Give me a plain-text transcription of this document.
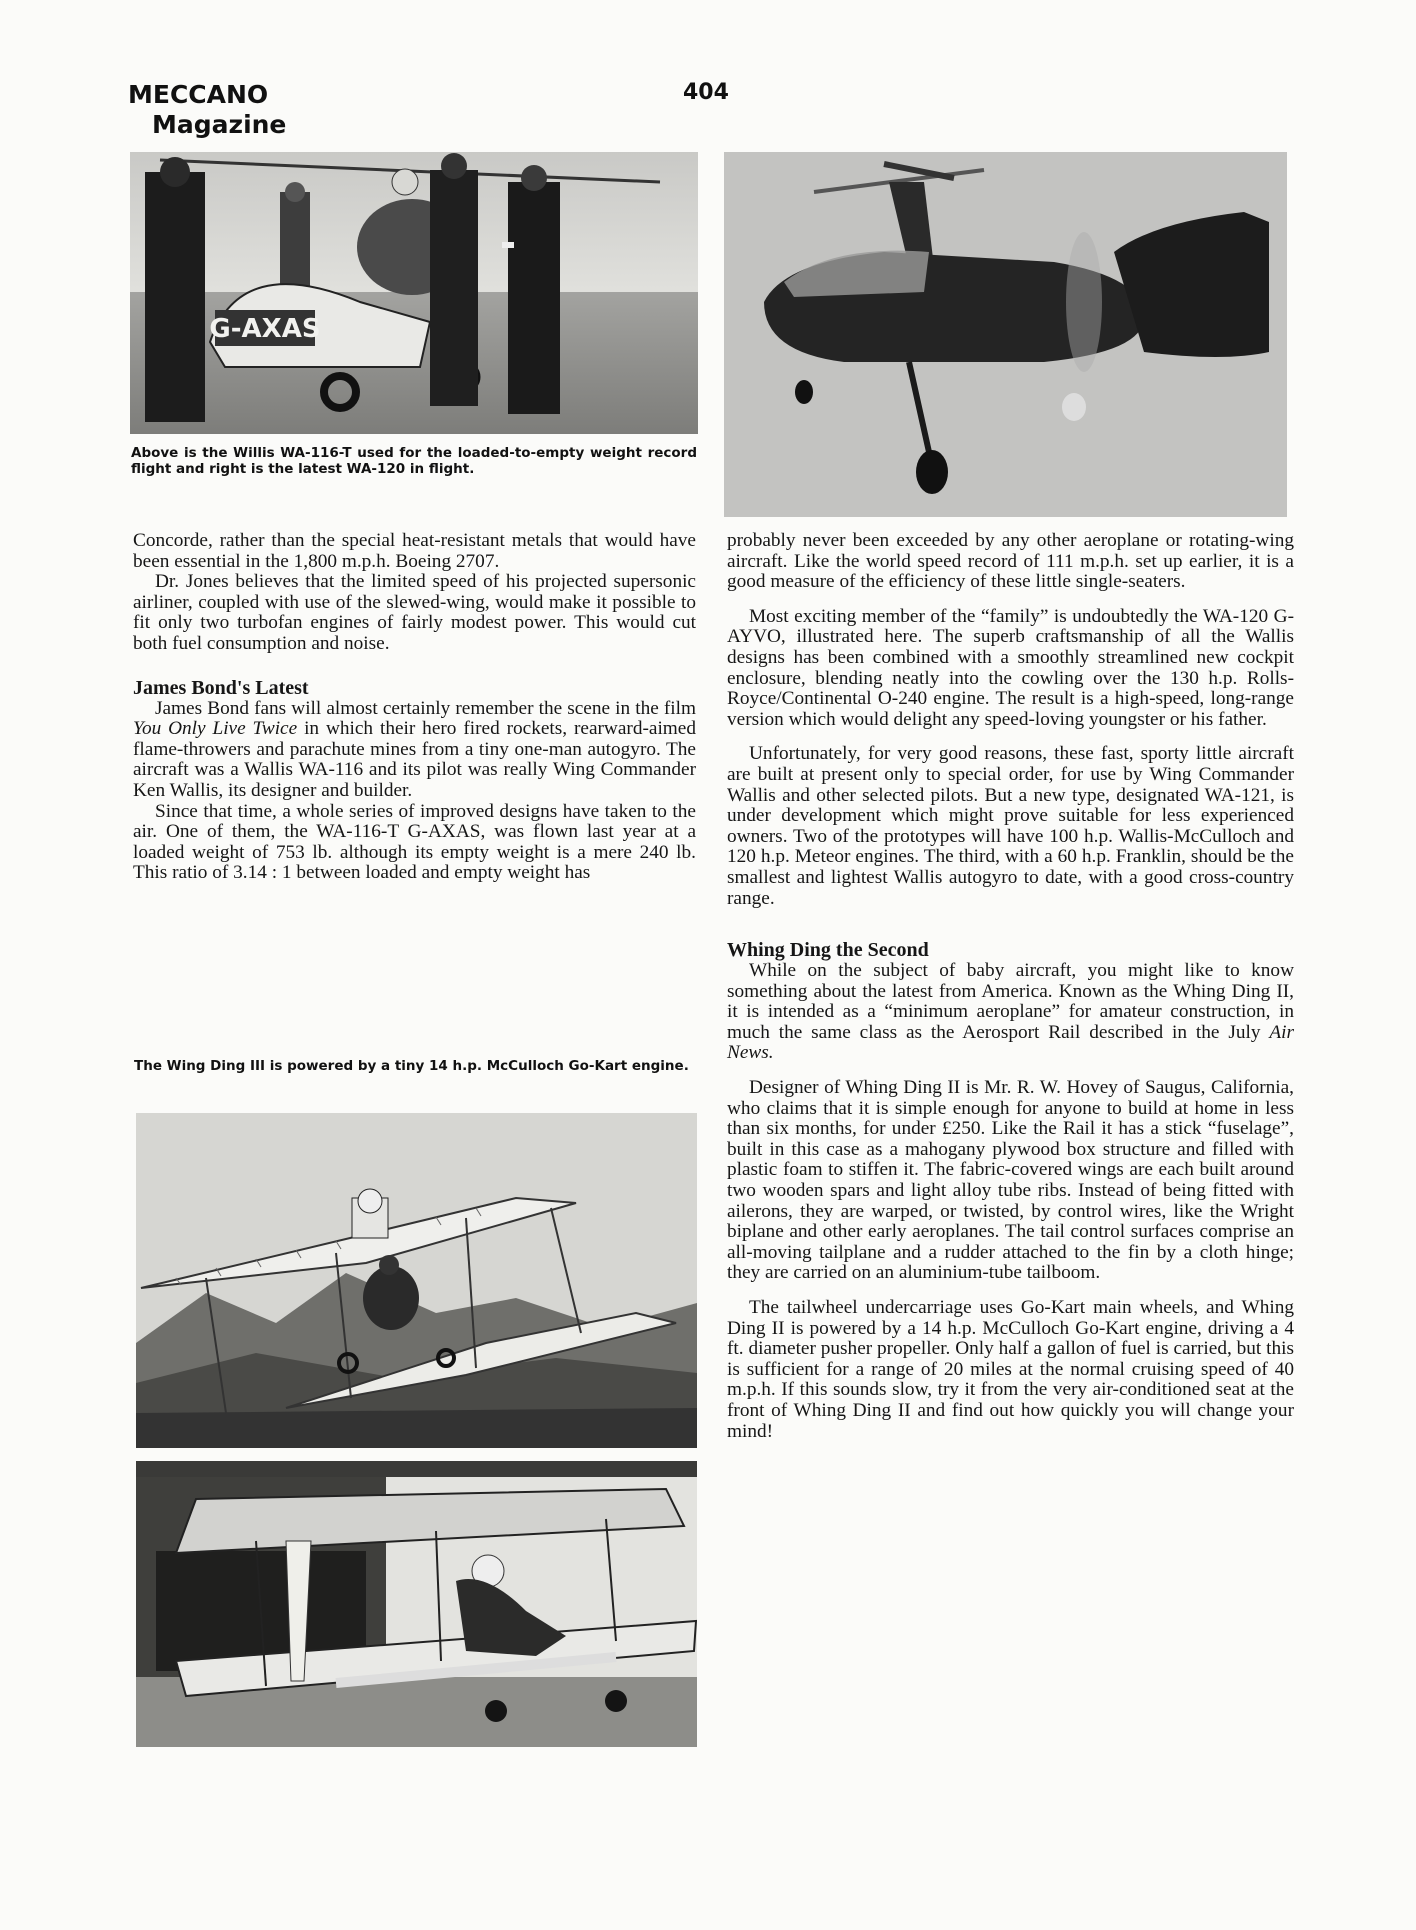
MECCANO
Magazine
404
G-AXAS
Above is the Willis WA-116-T used for the loaded-to-empty weight record flight and right is the latest WA-120 in flight.

Concorde, rather than the special heat-resistant metals that would have been essential in the 1,800 m.p.h. Boeing 2707.

Dr. Jones believes that the limited speed of his projected supersonic airliner, coupled with use of the slewed-wing, would make it possible to fit only two turbofan engines of fairly modest power. This would cut both fuel consumption and noise.

James Bond's Latest

James Bond fans will almost certainly remember the scene in the film You Only Live Twice in which their hero fired rockets, rearward-aimed flame-throwers and parachute mines from a tiny one-man autogyro. The aircraft was a Wallis WA-116 and its pilot was really Wing Commander Ken Wallis, its designer and builder.

Since that time, a whole series of improved designs have taken to the air. One of them, the WA-116-T G-AXAS, was flown last year at a loaded weight of 753 lb. although its empty weight is a mere 240 lb. This ratio of 3.14 : 1 between loaded and empty weight has

The Wing Ding III is powered by a tiny 14 h.p. McCulloch Go-Kart engine.

probably never been exceeded by any other aeroplane or rotating-wing aircraft. Like the world speed record of 111 m.p.h. set up earlier, it is a good measure of the efficiency of these little single-seaters.

Most exciting member of the “family” is undoubtedly the WA-120 G-AYVO, illustrated here. The superb craftsmanship of all the Wallis designs has been combined with a smoothly streamlined new cockpit enclosure, blending neatly into the cowling over the 130 h.p. Rolls-Royce/Continental O-240 engine. The result is a high-speed, long-range version which would delight any speed-loving youngster or his father.

Unfortunately, for very good reasons, these fast, sporty little aircraft are built at present only to special order, for use by Wing Commander Wallis and other selected pilots. But a new type, designated WA-121, is under development which might prove suitable for less experienced owners. Two of the prototypes will have 100 h.p. Wallis-McCulloch and 120 h.p. Meteor engines. The third, with a 60 h.p. Franklin, should be the smallest and lightest Wallis autogyro to date, with a good cross-country range.

Whing Ding the Second

While on the subject of baby aircraft, you might like to know something about the latest from America. Known as the Whing Ding II, it is intended as a “minimum aeroplane” for amateur construction, in much the same class as the Aerosport Rail described in the July Air News.

Designer of Whing Ding II is Mr. R. W. Hovey of Saugus, California, who claims that it is simple enough for anyone to build at home in less than six months, for under £250. Like the Rail it has a stick “fuselage”, built in this case as a mahogany plywood box structure and filled with plastic foam to stiffen it. The fabric-covered wings are each built around two wooden spars and light alloy tube ribs. Instead of being fitted with ailerons, they are warped, or twisted, by control wires, like the Wright biplane and other early aeroplanes. The tail control surfaces comprise an all-moving tailplane and a rudder attached to the fin by a cloth hinge; they are carried on an aluminium-tube tailboom.

The tailwheel undercarriage uses Go-Kart main wheels, and Whing Ding II is powered by a 14 h.p. McCulloch Go-Kart engine, driving a 4 ft. diameter pusher propeller. Only half a gallon of fuel is carried, but this is sufficient for a range of 20 miles at the normal cruising speed of 40 m.p.h. If this sounds slow, try it from the very air-conditioned seat at the front of Whing Ding II and find out how quickly you will change your mind!
